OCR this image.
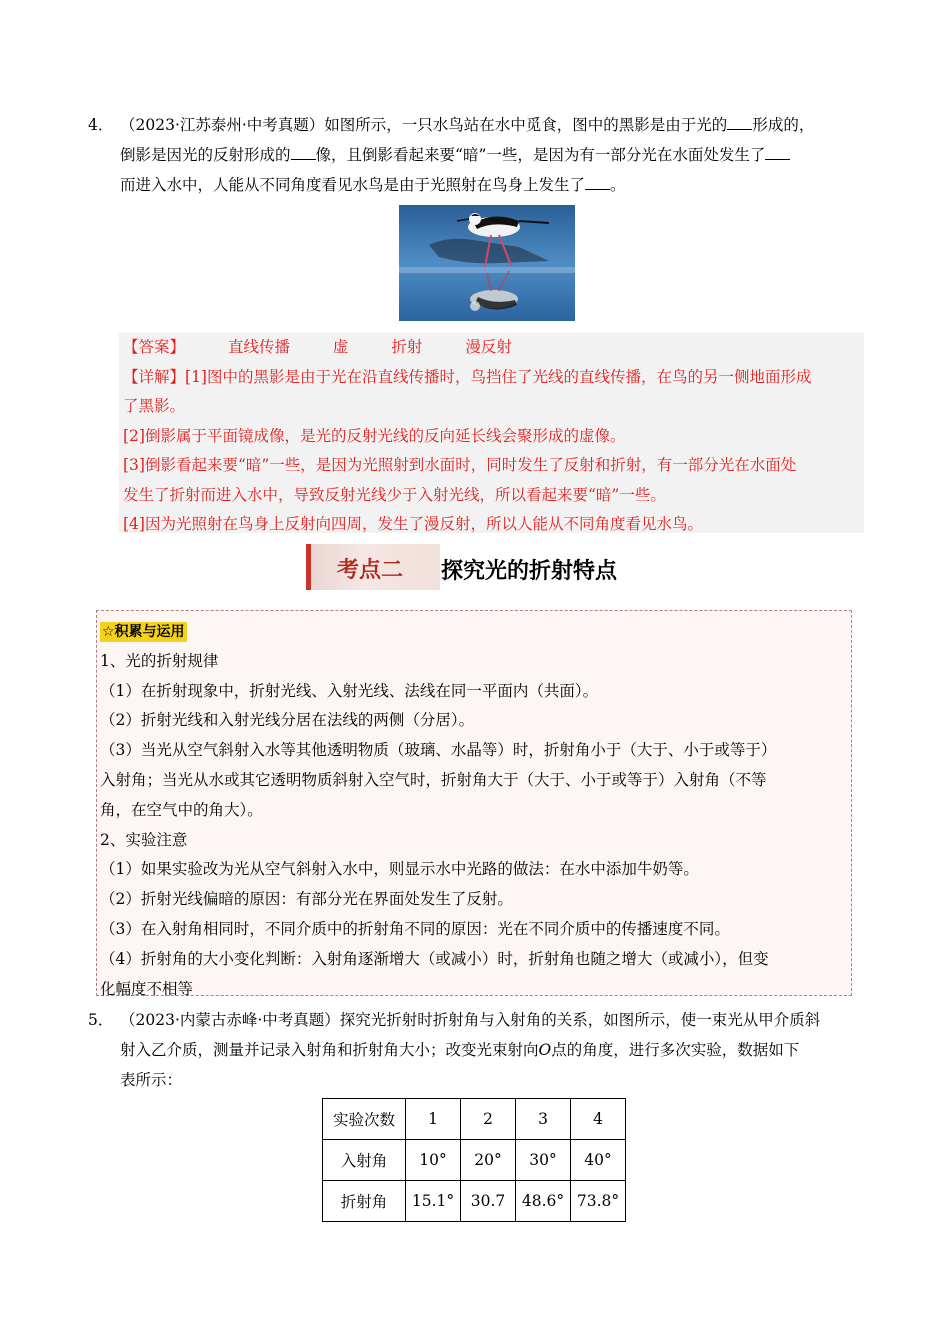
4． （2023·江苏泰州·中考真题）如图所示，一只水鸟站在水中觅食，图中的黑影是由于光的 形成的，
倒影是因光的反射形成的 像，且倒影看起来要“暗”一些，是因为有一部分光在水面处发生了
而进入水中，人能从不同角度看见水鸟是由于光照射在鸟身上发生了 。

【答案】	直线传播	虚	折射	漫反射

【详解】[1]图中的黑影是由于光在沿直线传播时，鸟挡住了光线的直线传播，在鸟的另一侧地面形成

了黑影。

[2]倒影属于平面镜成像，是光的反射光线的反向延长线会聚形成的虚像。

[3]倒影看起来要“暗”一些，是因为光照射到水面时，同时发生了反射和折射，有一部分光在水面处

发生了折射而进入水中，导致反射光线少于入射光线，所以看起来要“暗”一些。

[4]因为光照射在鸟身上反射向四周，发生了漫反射，所以人能从不同角度看见水鸟。

考点二 探究光的折射特点

☆积累与运用

1、光的折射规律

（1）在折射现象中，折射光线、入射光线、法线在同一平面内（共面）。

（2）折射光线和入射光线分居在法线的两侧（分居）。

（3）当光从空气斜射入水等其他透明物质（玻璃、水晶等）时，折射角小于（大于、小于或等于）

入射角；当光从水或其它透明物质斜射入空气时，折射角大于（大于、小于或等于）入射角（不等

角，在空气中的角大）。

2、实验注意

（1）如果实验改为光从空气斜射入水中，则显示水中光路的做法：在水中添加牛奶等。

（2）折射光线偏暗的原因：有部分光在界面处发生了反射。

（3）在入射角相同时，不同介质中的折射角不同的原因：光在不同介质中的传播速度不同。

（4）折射角的大小变化判断：入射角逐渐增大（或减小）时，折射角也随之增大（或减小），但变

化幅度不相等

5． （2023·内蒙古赤峰·中考真题）探究光折射时折射角与入射角的关系，如图所示，使一束光从甲介质斜
射入乙介质，测量并记录入射角和折射角大小；改变光束射向O点的角度，进行多次实验，数据如下
表所示：
实验次数	1	2	3	4
入射角	10°	20°	30°	40°
折射角	15.1°	30.7	48.6°	73.8°
